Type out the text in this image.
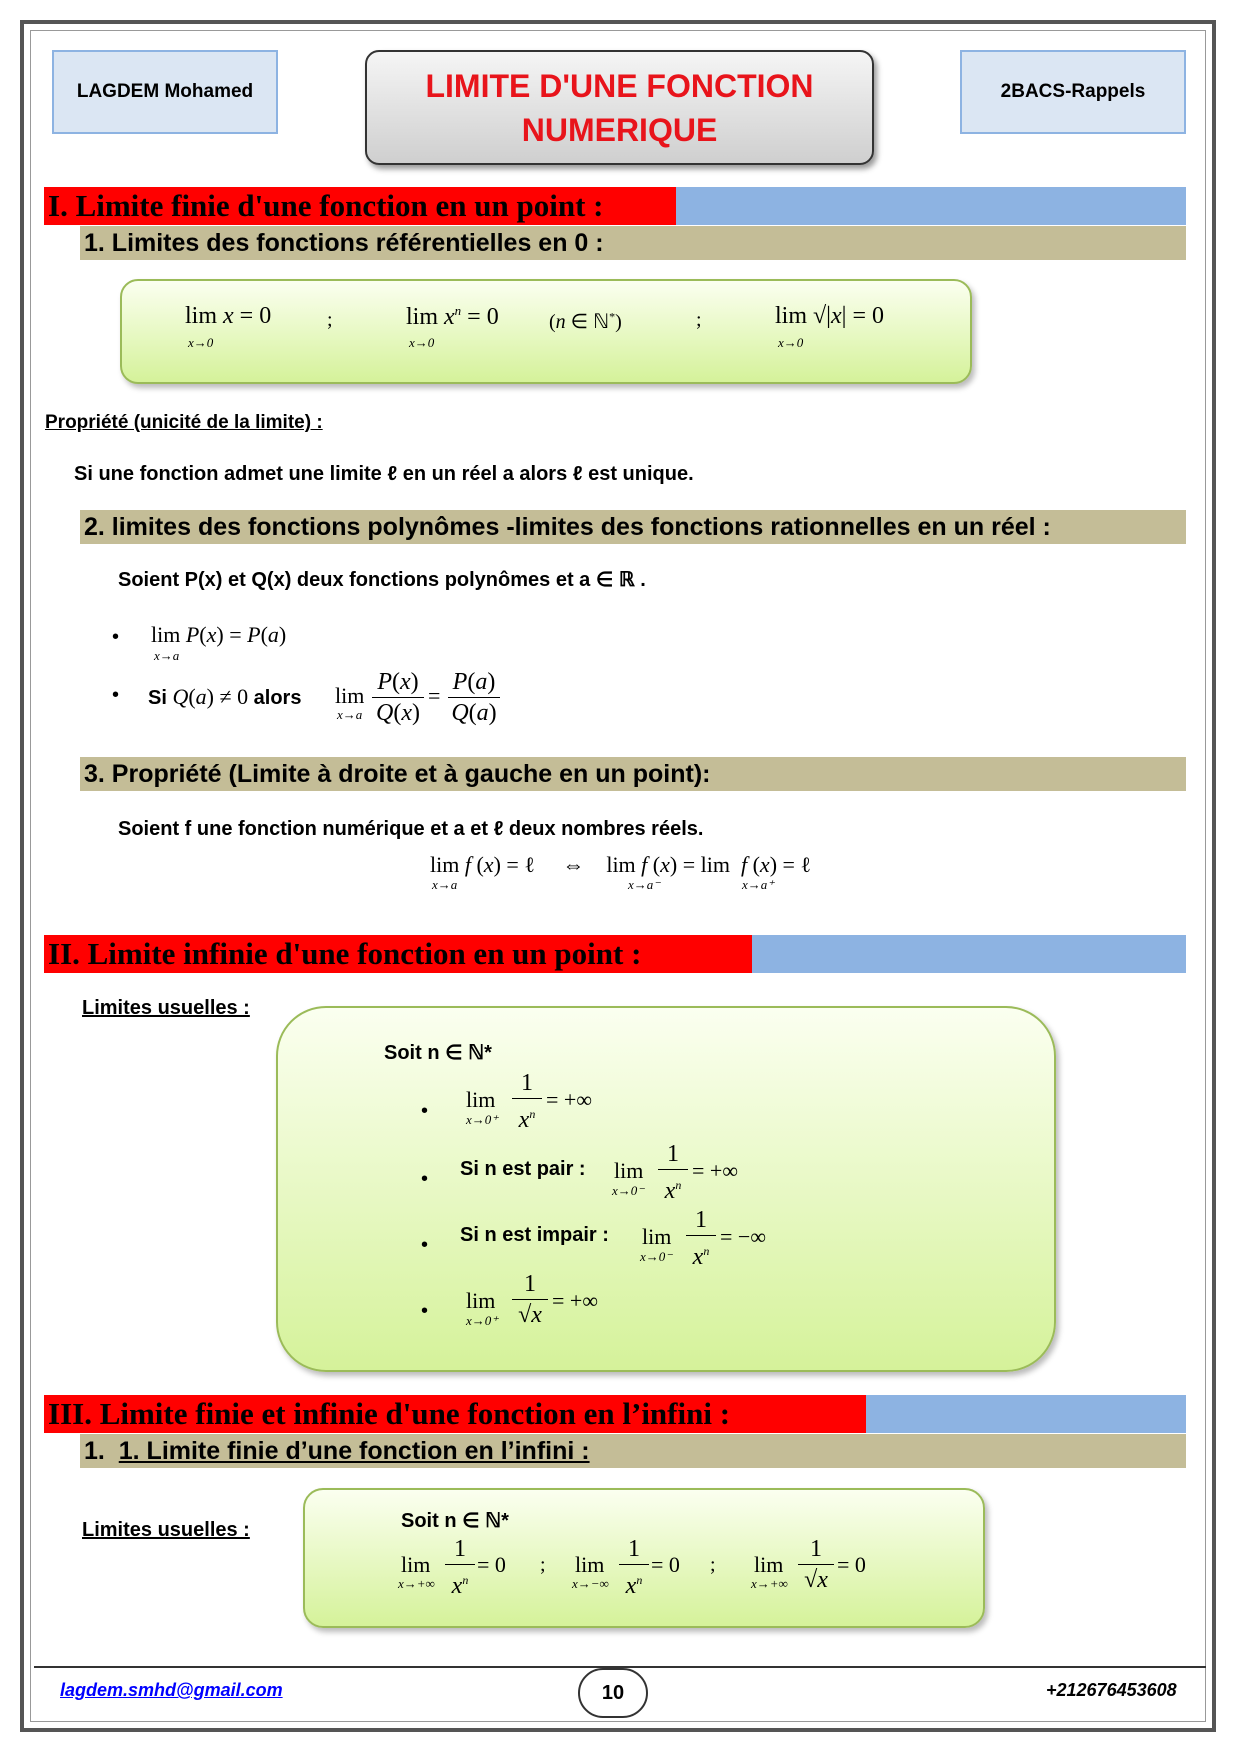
LAGDEM Mohamed	LIMITE D'UNE FONCTION
NUMERIQUE
2BACS-Rappels
I. Limite finie d'une fonction en un point :
1. Limites des fonctions référentielles en 0 :
lim x = 0
x→0
;	$\lim x^n = 0$
x→0
(n ∈ ℕ*)	;	lim √|x| = 0
x→0
Propriété (unicité de la limite) :
Si une fonction admet une limite ℓ en un réel a alors ℓ est unique.
2. limites des fonctions polynômes -limites des fonctions rationnelles en un réel :
Soient P(x) et Q(x) deux fonctions polynômes et a ∈ ℝ .
• lim P(x) = P(a)
x→a
• Si Q(a) ≠ 0 alors lim
x→a
P(x)
Q(x)
=
P(a)
Q(a)
3. Propriété (Limite à droite et à gauche en un point):
Soient f une fonction numérique et a et ℓ deux nombres réels.
lim f (x) = ℓ     ⇔    lim f (x) = lim  f (x) = ℓ
x→a	x→a⁻	x→a⁺
II. Limite infinie d'une fonction en un point :
Limites usuelles :
Soit n ∈ ℕ*
• lim
x→0⁺
1
$x^n$
= +∞
• Si n est pair : lim
x→0⁻
1
$x^n$
= +∞
• Si n est impair : lim
x→0⁻
1
$x^n$
= −∞
• lim
x→0⁺
1
√x
= +∞
III. Limite finie et infinie d'une fonction en l’infini :
1.  1. Limite finie d’une fonction en l’infini :
Limites usuelles :	Soit n ∈ ℕ*
lim
x→+∞
1
$x^n$
= 0 ; lim
x→−∞
1
$x^n$
= 0 ; lim
x→+∞
1
√x
= 0
lagdem.smhd@gmail.com	10	+212676453608
